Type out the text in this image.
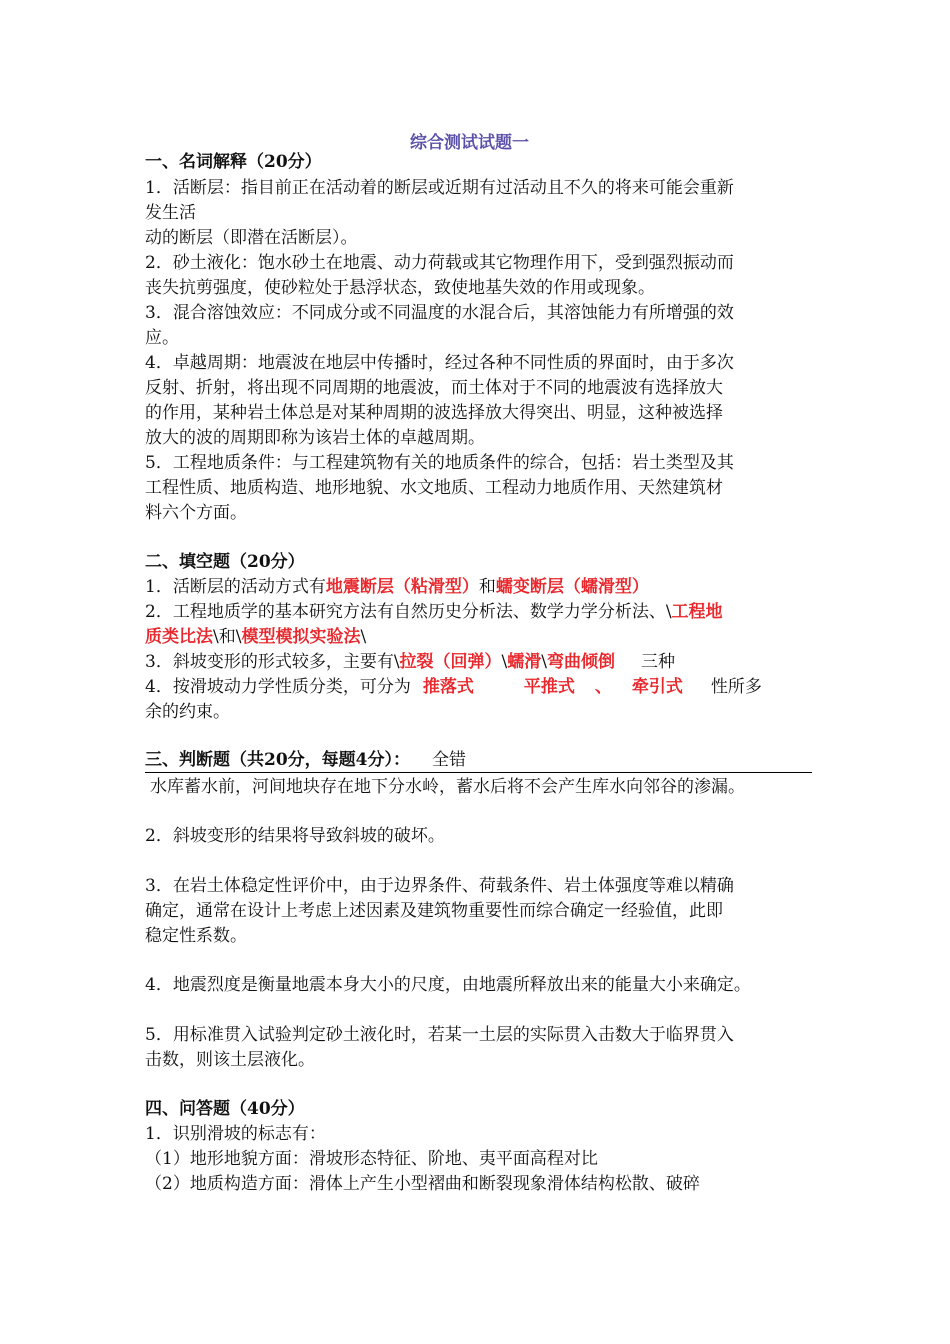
综合测试试题一
一、名词解释（20分）
1．活断层：指目前正在活动着的断层或近期有过活动且不久的将来可能会重新
发生活
动的断层（即潜在活断层）。
2．砂土液化：饱水砂土在地震、动力荷载或其它物理作用下，受到强烈振动而
丧失抗剪强度，使砂粒处于悬浮状态，致使地基失效的作用或现象。
3．混合溶蚀效应：不同成分或不同温度的水混合后，其溶蚀能力有所增强的效
应。
4．卓越周期：地震波在地层中传播时，经过各种不同性质的界面时，由于多次
反射、折射，将出现不同周期的地震波，而土体对于不同的地震波有选择放大
的作用，某种岩土体总是对某种周期的波选择放大得突出、明显，这种被选择
放大的波的周期即称为该岩土体的卓越周期。
5．工程地质条件：与工程建筑物有关的地质条件的综合，包括：岩土类型及其
工程性质、地质构造、地形地貌、水文地质、工程动力地质作用、天然建筑材
料六个方面。
二、填空题（20分）
1．活断层的活动方式有地震断层（粘滑型）和蠕变断层（蠕滑型）
2．工程地质学的基本研究方法有自然历史分析法、数学力学分析法、\工程地
质类比法\和\模型模拟实验法\
3．斜坡变形的形式较多，主要有\拉裂（回弹）\蠕滑\弯曲倾倒 三种
4．按滑坡动力学性质分类，可分为 推落式	平推式 、 牵引式 性所多
余的约束。
三、判断题（共20分，每题4分）： 全错
水库蓄水前，河间地块存在地下分水岭，蓄水后将不会产生库水向邻谷的渗漏。
2．斜坡变形的结果将导致斜坡的破坏。
3．在岩土体稳定性评价中，由于边界条件、荷载条件、岩土体强度等难以精确
确定，通常在设计上考虑上述因素及建筑物重要性而综合确定一经验值，此即
稳定性系数。
4．地震烈度是衡量地震本身大小的尺度，由地震所释放出来的能量大小来确定。
5．用标准贯入试验判定砂土液化时，若某一土层的实际贯入击数大于临界贯入
击数，则该土层液化。
四、问答题（40分）
1．识别滑坡的标志有：
（1）地形地貌方面：滑坡形态特征、阶地、夷平面高程对比
（2）地质构造方面：滑体上产生小型褶曲和断裂现象滑体结构松散、破碎
